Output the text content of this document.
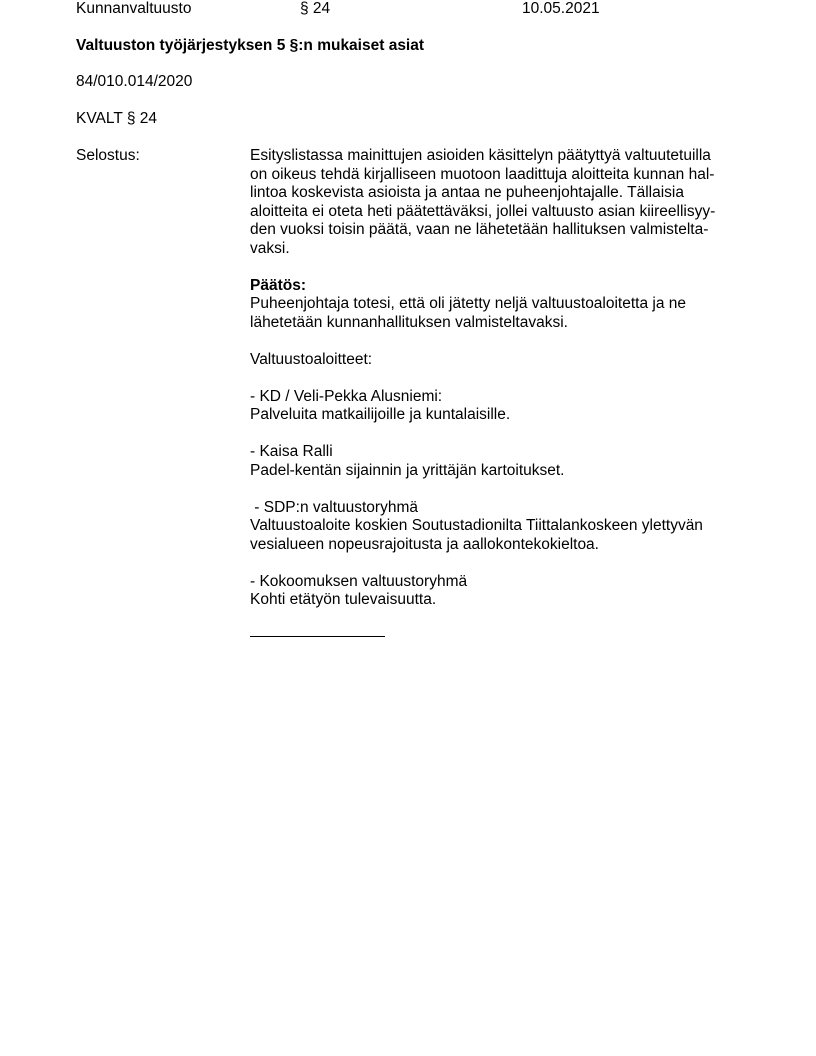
Kunnanvaltuusto	§ 24	10.05.2021
Valtuuston työjärjestyksen 5 §:n mukaiset asiat
84/010.014/2020
KVALT § 24
Selostus:	Esityslistassa mainittujen asioiden käsittelyn päätyttyä valtuutetuilla
on oikeus tehdä kirjalliseen muotoon laadittuja aloitteita kunnan hal-
lintoa koskevista asioista ja antaa ne puheenjohtajalle. Tällaisia
aloitteita ei oteta heti päätettäväksi, jollei valtuusto asian kiireellisyy-
den vuoksi toisin päätä, vaan ne lähetetään hallituksen valmistelta-
vaksi.
Päätös:
Puheenjohtaja totesi, että oli jätetty neljä valtuustoaloitetta ja ne
lähetetään kunnanhallituksen valmisteltavaksi.
Valtuustoaloitteet:
- KD / Veli-Pekka Alusniemi:
Palveluita matkailijoille ja kuntalaisille.
- Kaisa Ralli
Padel-kentän sijainnin ja yrittäjän kartoitukset.
- SDP:n valtuustoryhmä
Valtuustoaloite koskien Soutustadionilta Tiittalankoskeen ylettyvän
vesialueen nopeusrajoitusta ja aallokontekokieltoa.
- Kokoomuksen valtuustoryhmä
Kohti etätyön tulevaisuutta.
